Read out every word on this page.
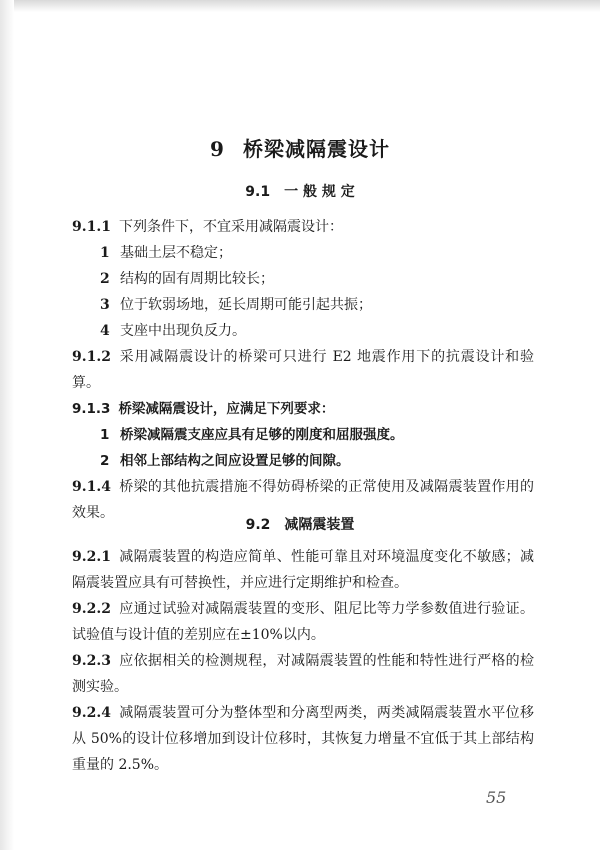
9 桥梁减隔震设计
9.1 一 般 规 定

9.1.1 下列条件下，不宜采用减隔震设计：

1 基础土层不稳定；

2 结构的固有周期比较长；

3 位于软弱场地，延长周期可能引起共振；

4 支座中出现负反力。

9.1.2 采用减隔震设计的桥梁可只进行 E2 地震作用下的抗震设计和验算。

9.1.3 桥梁减隔震设计，应满足下列要求：

1 桥梁减隔震支座应具有足够的刚度和屈服强度。

2 相邻上部结构之间应设置足够的间隙。

9.1.4 桥梁的其他抗震措施不得妨碍桥梁的正常使用及减隔震装置作用的效果。

9.2 减隔震装置

9.2.1 减隔震装置的构造应简单、性能可靠且对环境温度变化不敏感；减隔震装置应具有可替换性，并应进行定期维护和检查。

9.2.2 应通过试验对减隔震装置的变形、阻尼比等力学参数值进行验证。试验值与设计值的差别应在±10%以内。

9.2.3 应依据相关的检测规程，对减隔震装置的性能和特性进行严格的检测实验。

9.2.4 减隔震装置可分为整体型和分离型两类，两类减隔震装置水平位移从 50%的设计位移增加到设计位移时，其恢复力增量不宜低于其上部结构重量的 2.5%。

55
